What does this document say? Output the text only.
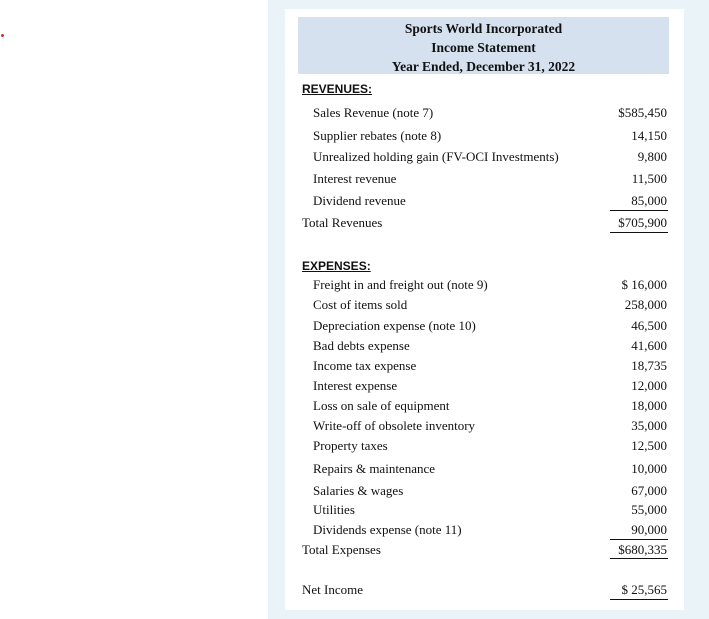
Sports World Incorporated
Income Statement
Year Ended, December 31, 2022
REVENUES:
Sales Revenue (note 7)	$585,450
Supplier rebates (note 8)	14,150
Unrealized holding gain (FV-OCI Investments)	9,800
Interest revenue	11,500
Dividend revenue	85,000
Total Revenues	$705,900
EXPENSES:
Freight in and freight out (note 9)	$ 16,000
Cost of items sold	258,000
Depreciation expense (note 10)	46,500
Bad debts expense	41,600
Income tax expense	18,735
Interest expense	12,000
Loss on sale of equipment	18,000
Write-off of obsolete inventory	35,000
Property taxes	12,500
Repairs & maintenance	10,000
Salaries & wages	67,000
Utilities	55,000
Dividends expense (note 11)	90,000
Total Expenses	$680,335
Net Income	$ 25,565
